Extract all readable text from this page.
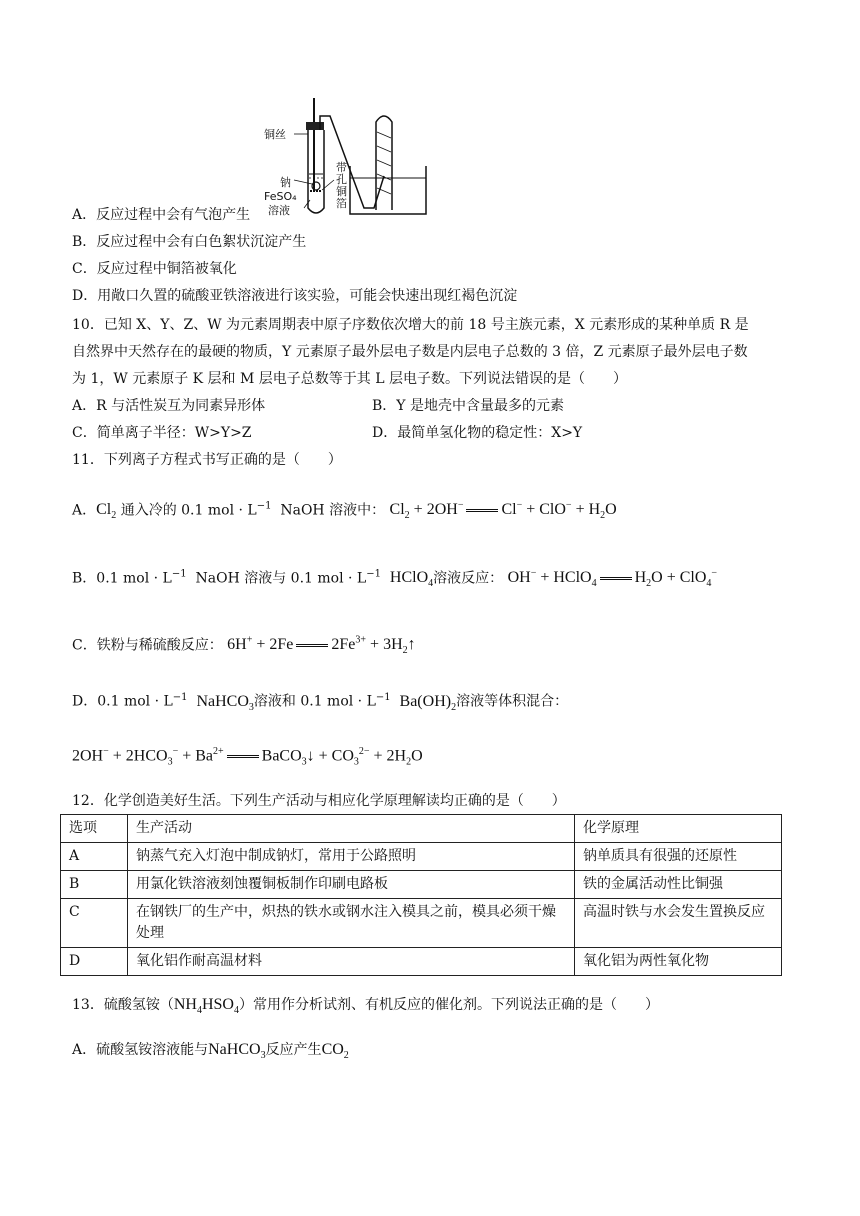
铜丝
钠
FeSO₄
溶液
带孔铜箔
A．反应过程中会有气泡产生
B．反应过程中会有白色絮状沉淀产生
C．反应过程中铜箔被氧化
D．用敞口久置的硫酸亚铁溶液进行该实验，可能会快速出现红褐色沉淀
10．已知 X、Y、Z、W 为元素周期表中原子序数依次增大的前 18 号主族元素，X 元素形成的某种单质 R 是
自然界中天然存在的最硬的物质，Y 元素原子最外层电子数是内层电子总数的 3 倍，Z 元素原子最外层电子数
为 1，W 元素原子 K 层和 M 层电子总数等于其 L 层电子数。下列说法错误的是（　　）
A．R 与活性炭互为同素异形体	B．Y 是地壳中含量最多的元素
C．简单离子半径：W>Y>Z	D．最简单氢化物的稳定性：X>Y
11．下列离子方程式书写正确的是（　　）
A．$Cl_2$ 通入冷的 0.1 mol · $L^{-1}$ NaOH 溶液中： $Cl_2 + 2OH^-$ $Cl^- + ClO^- + H_2O$
B．0.1 mol · $L^{-1}$ NaOH 溶液与 0.1 mol · $L^{-1}$ HClO$_4$溶液反应： OH− + HClO$_4$ $H_2O + ClO_4^-$
C．铁粉与稀硫酸反应： 6H+ + 2Fe $2Fe^{3+}$ + $3H_2↑$
D．0.1 mol · $L^{-1}$ NaHCO$_3$溶液和 0.1 mol · $L^{-1}$ $Ba(OH)_2$溶液等体积混合：
$2OH^- + 2HCO_3^- + Ba^{2+}$ BaCO$_3$↓ + $CO_3^{2-} + 2H_2O$
12．化学创造美好生活。下列生产活动与相应化学原理解读均正确的是（　　）
选项	生产活动	化学原理
A	钠蒸气充入灯泡中制成钠灯，常用于公路照明	钠单质具有很强的还原性
B	用氯化铁溶液刻蚀覆铜板制作印刷电路板	铁的金属活动性比铜强
C	在钢铁厂的生产中，炽热的铁水或钢水注入模具之前，模具必须干燥处理	高温时铁与水会发生置换反应
D	氧化铝作耐高温材料	氧化铝为两性氧化物
13．硫酸氢铵$(NH_4HSO_4)$常用作分析试剂、有机反应的催化剂。下列说法正确的是（　　）
A．硫酸氢铵溶液能与NaHCO$_3$反应产生$CO_2$
